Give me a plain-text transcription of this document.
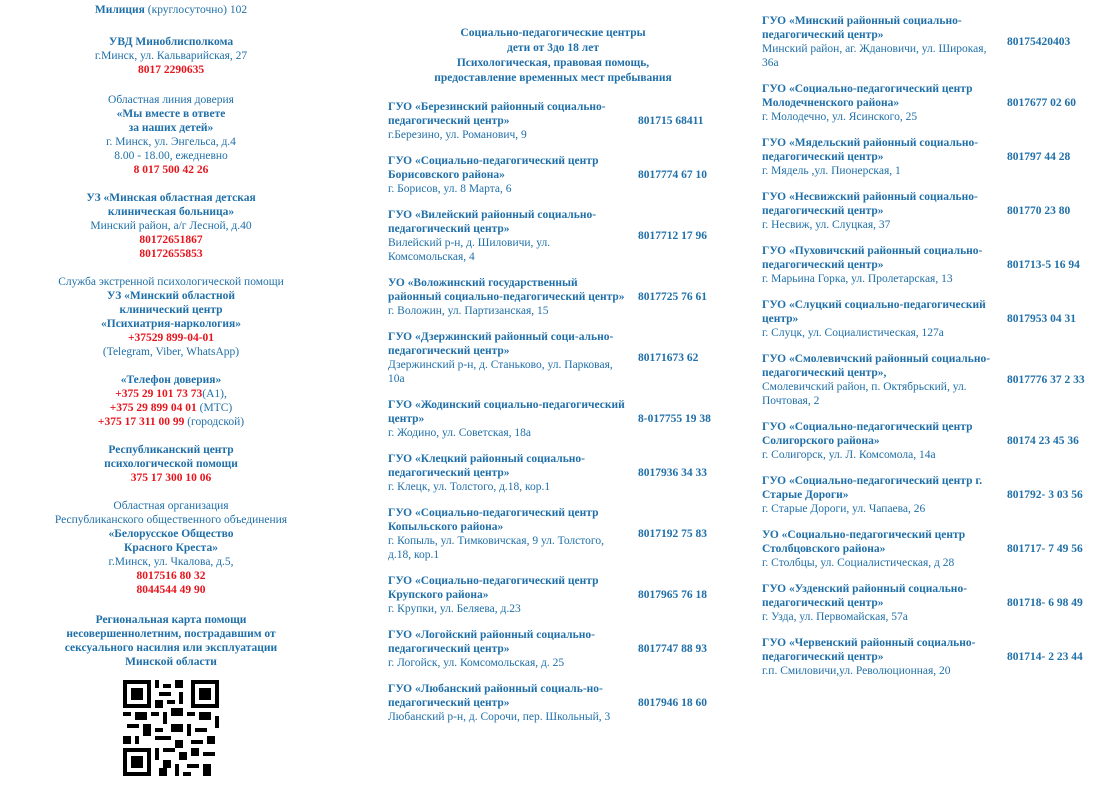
Милиция (круглосуточно) 102
УВД Миноблисполкома
г.Минск, ул. Кальварийская, 27
8017 2290635
Областная линия доверия
«Мы вместе в ответе
за наших детей»
г. Минск, ул. Энгельса, д.4
8.00 - 18.00, ежедневно
8 017 500 42 26
УЗ «Минская областная детская
клиническая больница»
Минский район, а/г Лесной, д.40
80172651867
80172655853
Служба экстренной психологической помощи
УЗ «Минский областной
клинический центр
«Психиатрия-наркология»
+37529 899-04-01
(Telegram, Viber, WhatsApp)
«Телефон доверия»
+375 29 101 73 73(А1),
+375 29 899 04 01 (МТС)
+375 17 311 00 99 (городской)
Республиканский центр
психологической помощи
375 17 300 10 06
Областная организация
Республиканского общественного объединения
«Белорусское Общество
Красного Креста»
г.Минск, ул. Чкалова, д.5,
8017516 80 32
8044544 49 90
Региональная карта помощи
несовершеннолетним, пострадавшим от
сексуального насилия или эксплуатации
Минской области
Социально-педагогические центры
дети от 3до 18 лет
Психологическая, правовая помощь,
предоставление временных мест пребывания
ГУО «Березинский районный социально-педагогический центр»
г.Березино, ул. Романович, 9
801715 68411
ГУО «Социально-педагогический центр Борисовского района»
г. Борисов, ул. 8 Марта, 6
8017774 67 10
ГУО «Вилейский районный социально-педагогический центр»
Вилейский р-н, д. Шиловичи, ул. Комсомольская, 4
8017712 17 96
УО «Воложинский государственный районный социально-педагогический центр»
г. Воложин, ул. Партизанская, 15
8017725 76 61
ГУО «Дзержинский районный соци-ально-педагогический центр»
Дзержинский р-н, д. Станьково, ул. Парковая, 10а
80171673 62
ГУО «Жодинский социально-педагогический центр»
г. Жодино, ул. Советская, 18а
8-017755 19 38
ГУО «Клецкий районный социально-педагогический центр»
г. Клецк, ул. Толстого, д.18, кор.1
8017936 34 33
ГУО «Социально-педагогический центр Копыльского района»
г. Копыль, ул. Тимковичская, 9 ул. Толстого, д.18, кор.1
8017192 75 83
ГУО «Социально-педагогический центр Крупского района»
г. Крупки, ул. Беляева, д.23
8017965 76 18
ГУО «Логойский районный социально-педагогический центр»
г. Логойск, ул. Комсомольская, д. 25
8017747 88 93
ГУО «Любанский районный социаль-но-педагогический центр»
Любанский р-н, д. Сорочи, пер. Школьный, 3
8017946 18 60
ГУО «Минский районный социально-педагогический центр»
Минский район, аг. Ждановичи, ул. Широкая, 36а
80175420403
ГУО «Социально-педагогический центр Молодечненского района»
г. Молодечно, ул. Ясинского, 25
8017677 02 60
ГУО «Мядельский районный социально-педагогический центр»
г. Мядель ,ул. Пионерская, 1
801797 44 28
ГУО «Несвижский районный социально-педагогический центр»
г. Несвиж, ул. Слуцкая, 37
801770 23 80
ГУО «Пуховичский районный социально-педагогический центр»
г. Марьина Горка, ул. Пролетарская, 13
801713-5 16 94
ГУО «Слуцкий социально-педагогический центр»
г. Слуцк, ул. Социалистическая, 127а
8017953 04 31
ГУО «Смолевичский районный социально-педагогический центр»,
Смолевичский район, п. Октябрьский, ул. Почтовая, 2
8017776 37 2 33
ГУО «Социально-педагогический центр Солигорского района»
г. Солигорск, ул. Л. Комсомола, 14а
80174 23 45 36
ГУО «Социально-педагогический центр г. Старые Дороги»
г. Старые Дороги, ул. Чапаева, 26
801792- 3 03 56
УО «Социально-педагогический центр Столбцовского района»
г. Столбцы, ул. Социалистическая, д 28
801717- 7 49 56
ГУО «Узденский районный социально-педагогический центр»
г. Узда, ул. Первомайская, 57а
801718- 6 98 49
ГУО «Червенский районный социально-педагогический центр»
г.п. Смиловичи,ул. Революционная, 20
801714- 2 23 44
